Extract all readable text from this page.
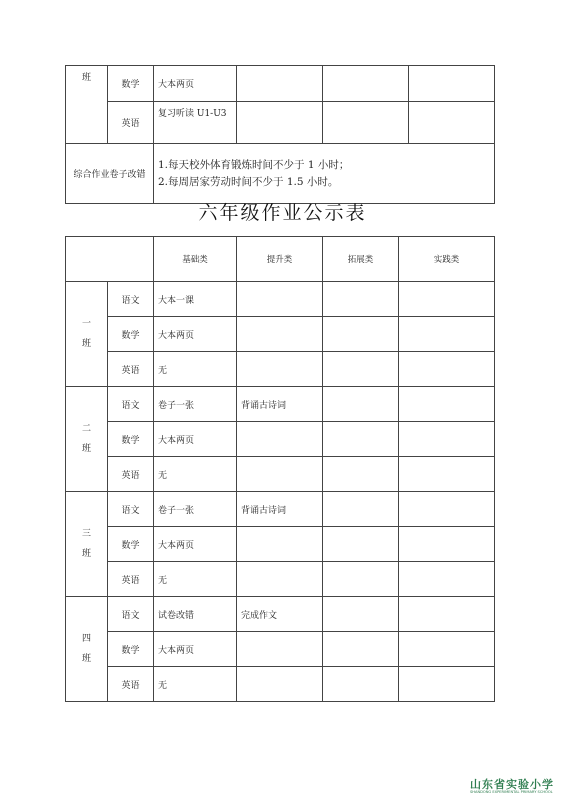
班	数学	大本两页			
	英语	复习听读 U1-U3			
综合作业卷子改错		1.每天校外体育锻炼时间不少于 1 小时；
2.每周居家劳动时间不少于 1.5 小时。			
六年级作业公示表
		基础类	提升类	拓展类	实践类

一
班	语文	大本一课			
	数学	大本两页			
	英语	无			

二
班	语文	卷子一张	背诵古诗词		
	数学	大本两页			
	英语	无			

三
班	语文	卷子一张	背诵古诗词		
	数学	大本两页			
	英语	无			

四
班	语文	试卷改错	完成作文		
	数学	大本两页			
	英语	无			
山东省实验小学
SHANDONG EXPERIMENTAL PRIMARY SCHOOL
